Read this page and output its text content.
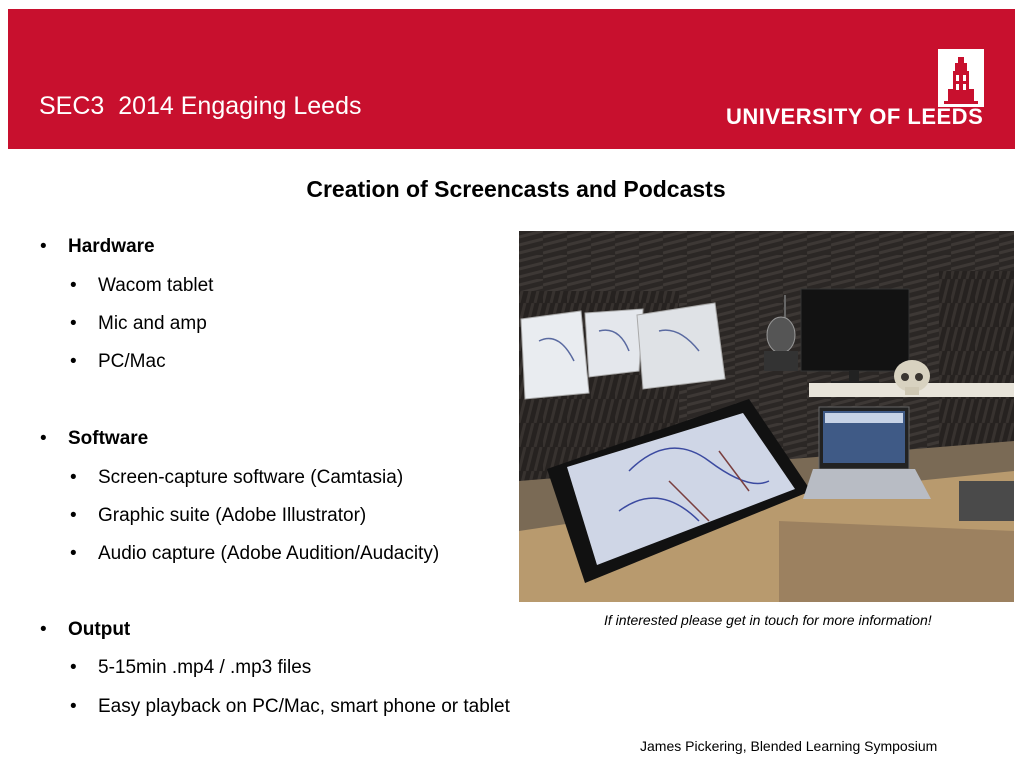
SEC3  2014 Engaging Leeds	UNIVERSITY OF LEEDS
Creation of Screencasts and Podcasts
• Hardware
• Wacom tablet
• Mic and amp
• PC/Mac
• Software
• Screen-capture software (Camtasia)
• Graphic suite (Adobe Illustrator)
• Audio capture (Adobe Audition/Audacity)
• Output
• 5-15min .mp4 / .mp3 files
• Easy playback on PC/Mac, smart phone or tablet
If interested please get in touch for more information!
James Pickering, Blended Learning Symposium
